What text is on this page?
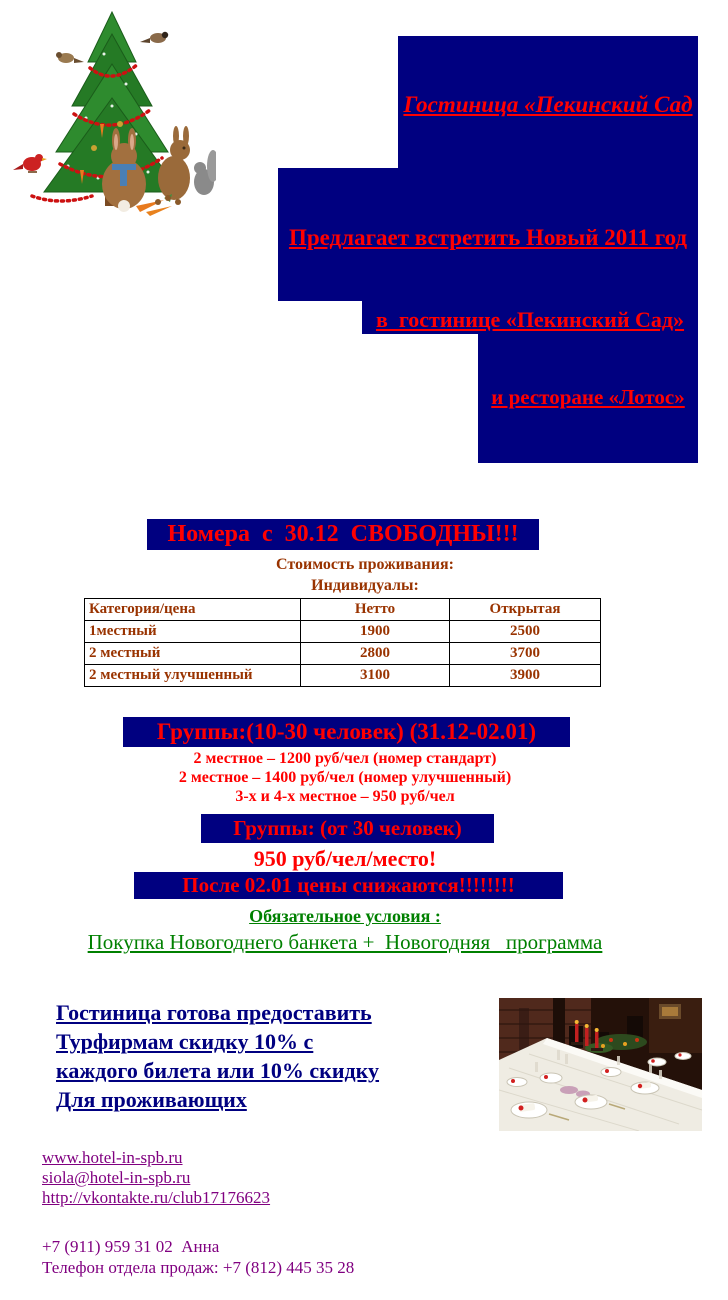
Гостиница «Пекинский Сад
Предлагает встретить Новый 2011 год
в  гостинице «Пекинский Сад»
и ресторане «Лотос»
Номера  с  30.12  СВОБОДНЫ!!!
Стоимость проживания:
Индивидуалы:
Категория/цена	Нетто	Открытая
1местный	1900	2500
2 местный	2800	3700
2 местный улучшенный	3100	3900
Группы:(10-30 человек) (31.12-02.01)
2 местное – 1200 руб/чел (номер стандарт)
2 местное – 1400 руб/чел (номер улучшенный)
3-х и 4-х местное – 950 руб/чел
Группы: (от 30 человек)
950 руб/чел/место!
После 02.01 цены снижаются!!!!!!!!
Обязательное условия :
Покупка Новогоднего банкета +  Новогодняя   программа
Гостиница готова предоставить
Турфирмам скидку 10% с
каждого билета или 10% скидку
Для проживающих
www.hotel-in-spb.ru
siola@hotel-in-spb.ru
http://vkontakte.ru/club17176623
+7 (911) 959 31 02  Анна
Телефон отдела продаж: +7 (812) 445 35 28
